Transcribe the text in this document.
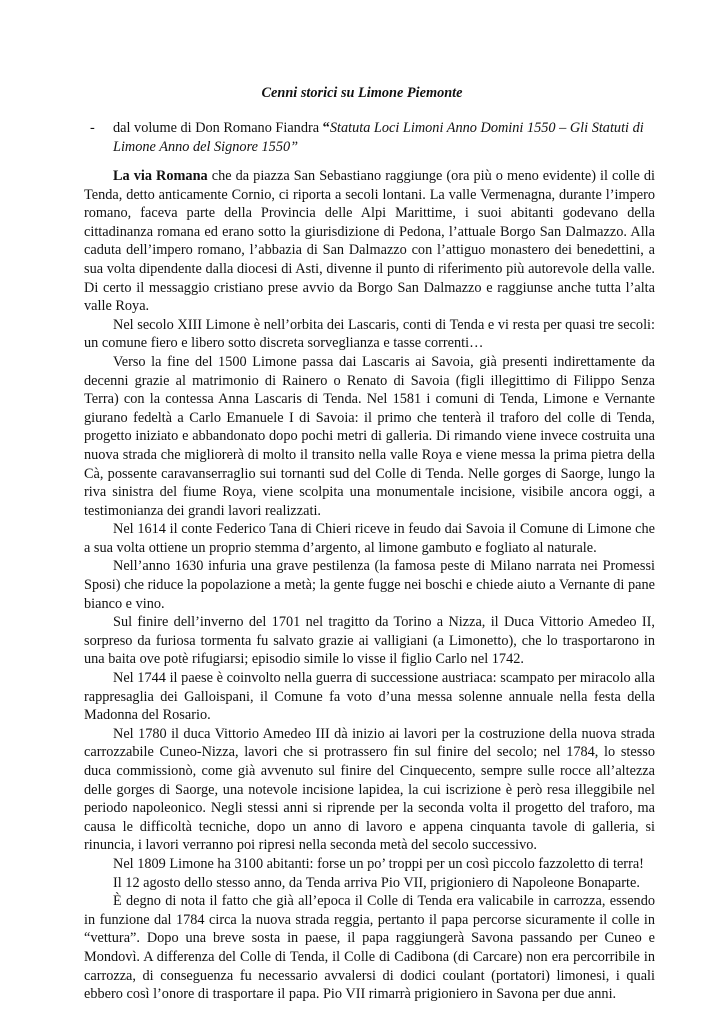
Cenni storici su Limone Piemonte
- dal volume di Don Romano Fiandra “Statuta Loci Limoni Anno Domini 1550 – Gli Statuti di Limone Anno del Signore 1550”

La via Romana che da piazza San Sebastiano raggiunge (ora più o meno evidente) il colle di Tenda, detto anticamente Cornio, ci riporta a secoli lontani. La valle Vermenagna, durante l’impero romano, faceva parte della Provincia delle Alpi Marittime, i suoi abitanti godevano della cittadinanza romana ed erano sotto la giurisdizione di Pedona, l’attuale Borgo San Dalmazzo. Alla caduta dell’impero romano, l’abbazia di San Dalmazzo con l’attiguo monastero dei benedettini, a sua volta dipendente dalla diocesi di Asti, divenne il punto di riferimento più autorevole della valle. Di certo il messaggio cristiano prese avvio da Borgo San Dalmazzo e raggiunse anche tutta l’alta valle Roya.

Nel secolo XIII Limone è nell’orbita dei Lascaris, conti di Tenda e vi resta per quasi tre secoli: un comune fiero e libero sotto discreta sorveglianza e tasse correnti…

Verso la fine del 1500 Limone passa dai Lascaris ai Savoia, già presenti indirettamente da decenni grazie al matrimonio di Rainero o Renato di Savoia (figli illegittimo di Filippo Senza Terra) con la contessa Anna Lascaris di Tenda. Nel 1581 i comuni di Tenda, Limone e Vernante giurano fedeltà a Carlo Emanuele I di Savoia: il primo che tenterà il traforo del colle di Tenda, progetto iniziato e abbandonato dopo pochi metri di galleria. Di rimando viene invece costruita una nuova strada che migliorerà di molto il transito nella valle Roya e viene messa la prima pietra della Cà, possente caravanserraglio sui tornanti sud del Colle di Tenda. Nelle gorges di Saorge, lungo la riva sinistra del fiume Roya, viene scolpita una monumentale incisione, visibile ancora oggi, a testimonianza dei grandi lavori realizzati.

Nel 1614 il conte Federico Tana di Chieri riceve in feudo dai Savoia il Comune di Limone che a sua volta ottiene un proprio stemma d’argento, al limone gambuto e fogliato al naturale.

Nell’anno 1630 infuria una grave pestilenza (la famosa peste di Milano narrata nei Promessi Sposi) che riduce la popolazione a metà; la gente fugge nei boschi e chiede aiuto a Vernante di pane bianco e vino.

Sul finire dell’inverno del 1701 nel tragitto da Torino a Nizza, il Duca Vittorio Amedeo II, sorpreso da furiosa tormenta fu salvato grazie ai valligiani (a Limonetto), che lo trasportarono in una baita ove potè rifugiarsi; episodio simile lo visse il figlio Carlo nel 1742.

Nel 1744 il paese è coinvolto nella guerra di successione austriaca: scampato per miracolo alla rappresaglia dei Galloispani, il Comune fa voto d’una messa solenne annuale nella festa della Madonna del Rosario.

Nel 1780 il duca Vittorio Amedeo III dà inizio ai lavori per la costruzione della nuova strada carrozzabile Cuneo-Nizza, lavori che si protrassero fin sul finire del secolo; nel 1784, lo stesso duca commissionò, come già avvenuto sul finire del Cinquecento, sempre sulle rocce all’altezza delle gorges di Saorge, una notevole incisione lapidea, la cui iscrizione è però resa illeggibile nel periodo napoleonico. Negli stessi anni si riprende per la seconda volta il progetto del traforo, ma causa le difficoltà tecniche, dopo un anno di lavoro e appena cinquanta tavole di galleria, si rinuncia, i lavori verranno poi ripresi nella seconda metà del secolo successivo.

Nel 1809 Limone ha 3100 abitanti: forse un po’ troppi per un così piccolo fazzoletto di terra!

Il 12 agosto dello stesso anno, da Tenda arriva Pio VII, prigioniero di Napoleone Bonaparte.

È degno di nota il fatto che già all’epoca il Colle di Tenda era valicabile in carrozza, essendo in funzione dal 1784 circa la nuova strada reggia, pertanto il papa percorse sicuramente il colle in “vettura”. Dopo una breve sosta in paese, il papa raggiungerà Savona passando per Cuneo e Mondovì. A differenza del Colle di Tenda, il Colle di Cadibona (di Carcare) non era percorribile in carrozza, di conseguenza fu necessario avvalersi di dodici coulant (portatori) limonesi, i quali ebbero così l’onore di trasportare il papa. Pio VII rimarrà prigioniero in Savona per due anni.
